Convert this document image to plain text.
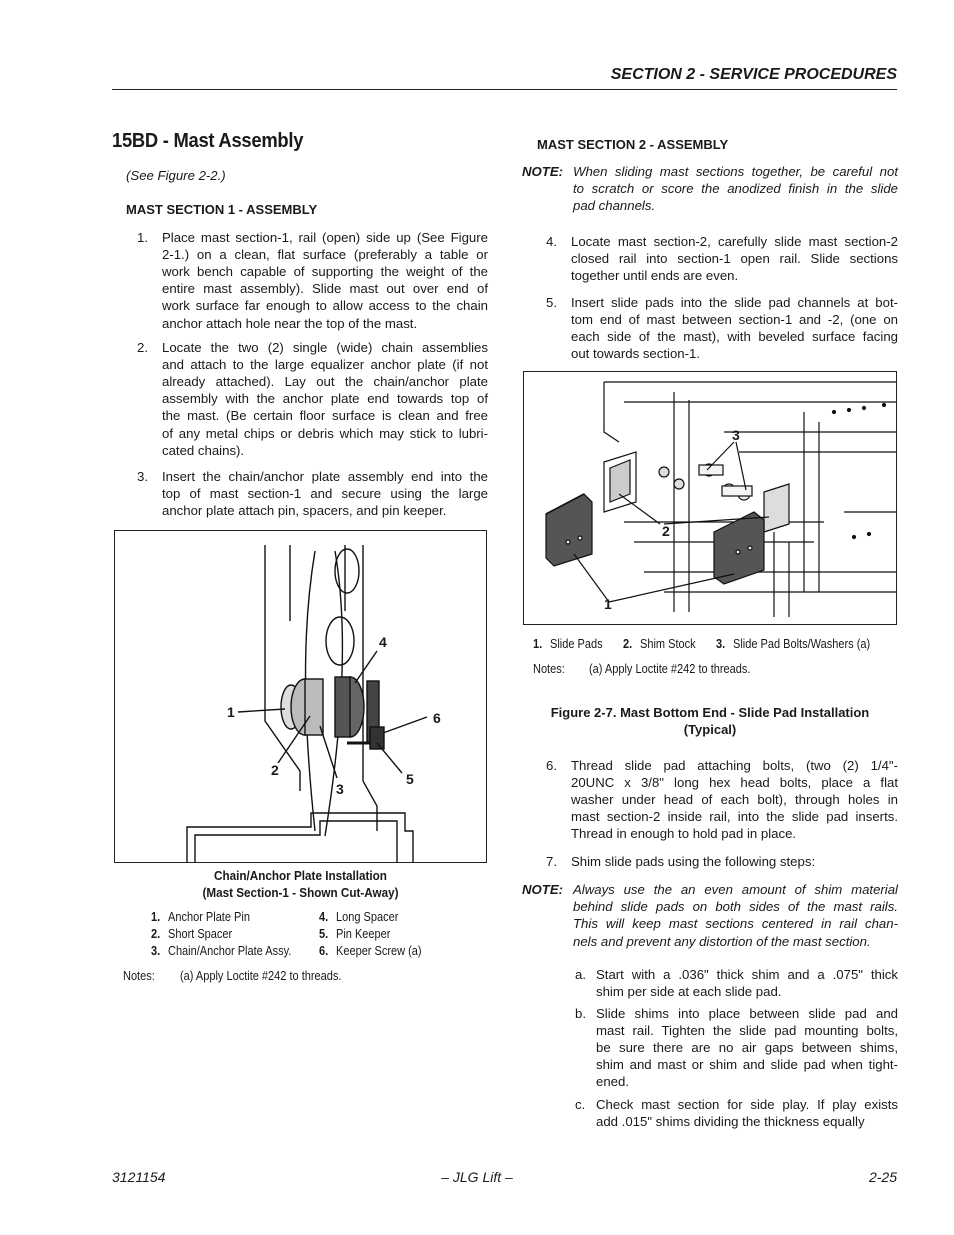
SECTION 2 - SERVICE PROCEDURES
15BD - Mast Assembly
(See Figure 2-2.)
MAST SECTION 1 - ASSEMBLY
1. Place mast section-1, rail (open) side up (See Figure
2-1.) on a clean, flat surface (preferably a table or
work bench capable of supporting the weight of the
entire mast assembly). Slide mast out over end of
work surface far enough to allow access to the chain
anchor attach hole near the top of the mast.
2. Locate the two (2) single (wide) chain assemblies
and attach to the large equalizer anchor plate (if not
already attached). Lay out the chain/anchor plate
assembly with the anchor plate end towards top of
the mast. (Be certain floor surface is clean and free
of any metal chips or debris which may stick to lubri-
cated chains).
3. Insert the chain/anchor plate assembly end into the
top of mast section-1 and secure using the large
anchor plate attach pin, spacers, and pin keeper.
1
2
3
4
5
6
Chain/Anchor Plate Installation
(Mast Section-1 - Shown Cut-Away)
1. Anchor Plate Pin
2. Short Spacer
3. Chain/Anchor Plate Assy.
4. Long Spacer
5. Pin Keeper
6. Keeper Screw (a)
Notes: (a) Apply Loctite #242 to threads.
MAST SECTION 2 - ASSEMBLY
NOTE: When sliding mast sections together, be careful not
to scratch or score the anodized finish in the slide
pad channels.
4. Locate mast section-2, carefully slide mast section-2
closed rail into section-1 open rail. Slide sections
together until ends are even.
5. Insert slide pads into the slide pad channels at bot-
tom end of mast between section-1 and -2, (one on
each side of the mast), with beveled surface facing
out towards section-1.
1
2
3
1. Slide Pads 2. Shim Stock 3. Slide Pad Bolts/Washers (a)
Notes: (a) Apply Loctite #242 to threads.
Figure 2-7. Mast Bottom End - Slide Pad Installation
(Typical)
6. Thread slide pad attaching bolts, (two (2) 1/4"-
20UNC x 3/8" long hex head bolts, place a flat
washer under head of each bolt), through holes in
mast section-2 inside rail, into the slide pad inserts.
Thread in enough to hold pad in place.
7. Shim slide pads using the following steps:
NOTE: Always use the an even amount of shim material
behind slide pads on both sides of the mast rails.
This will keep mast sections centered in rail chan-
nels and prevent any distortion of the mast section.
a. Start with a .036" thick shim and a .075" thick
shim per side at each slide pad.
b. Slide shims into place between slide pad and
mast rail. Tighten the slide pad mounting bolts,
be sure there are no air gaps between shims,
shim and mast or shim and slide pad when tight-
ened.
c. Check mast section for side play. If play exists
add .015" shims dividing the thickness equally
3121154	– JLG Lift –	2-25
